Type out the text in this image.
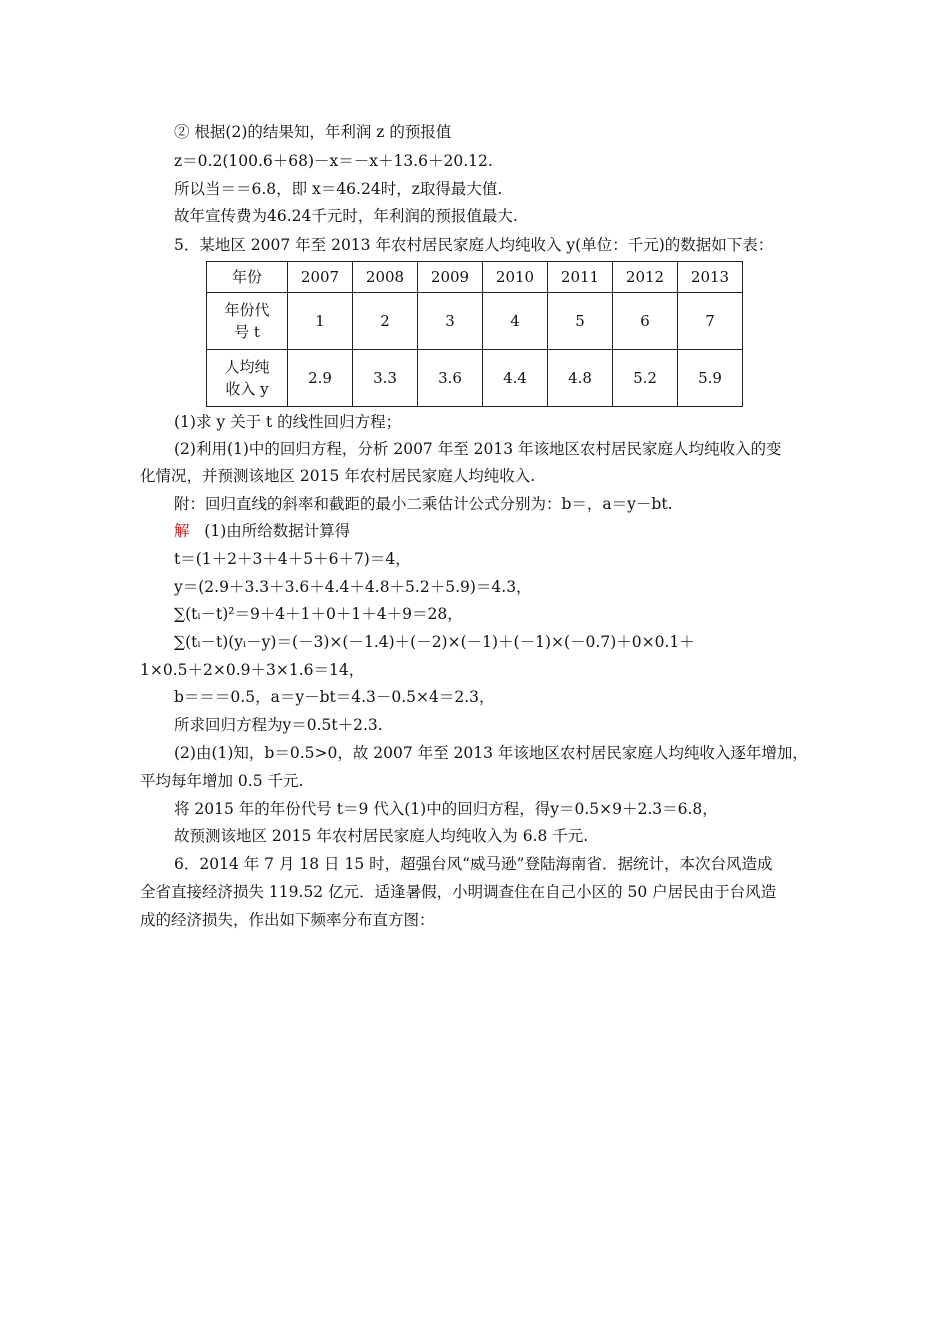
② 根据(2)的结果知，年利润 z 的预报值
z＝0.2(100.6＋68)－x＝－x＋13.6＋20.12.
所以当＝＝6.8，即 x＝46.24时，z取得最大值.
故年宣传费为46.24千元时，年利润的预报值最大.
5．某地区 2007 年至 2013 年农村居民家庭人均纯收入 y(单位：千元)的数据如下表：
年份	2007	2008	2009	2010	2011	2012	2013

年份代
号 t	1	2	3	4	5	6	7

人均纯
收入 y	2.9	3.3	3.6	4.4	4.8	5.2	5.9
(1)求 y 关于 t 的线性回归方程；
(2)利用(1)中的回归方程，分析 2007 年至 2013 年该地区农村居民家庭人均纯收入的变
化情况，并预测该地区 2015 年农村居民家庭人均纯收入.
附：回归直线的斜率和截距的最小二乘估计公式分别为：b＝，a＝y－bt.
解 (1)由所给数据计算得
t＝(1＋2＋3＋4＋5＋6＋7)＝4，
y＝(2.9＋3.3＋3.6＋4.4＋4.8＋5.2＋5.9)＝4.3，
∑(tᵢ－t)²＝9＋4＋1＋0＋1＋4＋9＝28，
∑(tᵢ－t)(yᵢ－y)＝(－3)×(－1.4)＋(－2)×(－1)＋(－1)×(－0.7)＋0×0.1＋
1×0.5＋2×0.9＋3×1.6＝14，
b＝＝＝0.5，a＝y－bt＝4.3－0.5×4＝2.3，
所求回归方程为y＝0.5t＋2.3.
(2)由(1)知，b＝0.5>0，故 2007 年至 2013 年该地区农村居民家庭人均纯收入逐年增加，
平均每年增加 0.5 千元.
将 2015 年的年份代号 t＝9 代入(1)中的回归方程，得y＝0.5×9＋2.3＝6.8，
故预测该地区 2015 年农村居民家庭人均纯收入为 6.8 千元.
6．2014 年 7 月 18 日 15 时，超强台风“威马逊”登陆海南省．据统计，本次台风造成
全省直接经济损失 119.52 亿元．适逢暑假，小明调查住在自己小区的 50 户居民由于台风造
成的经济损失，作出如下频率分布直方图：
